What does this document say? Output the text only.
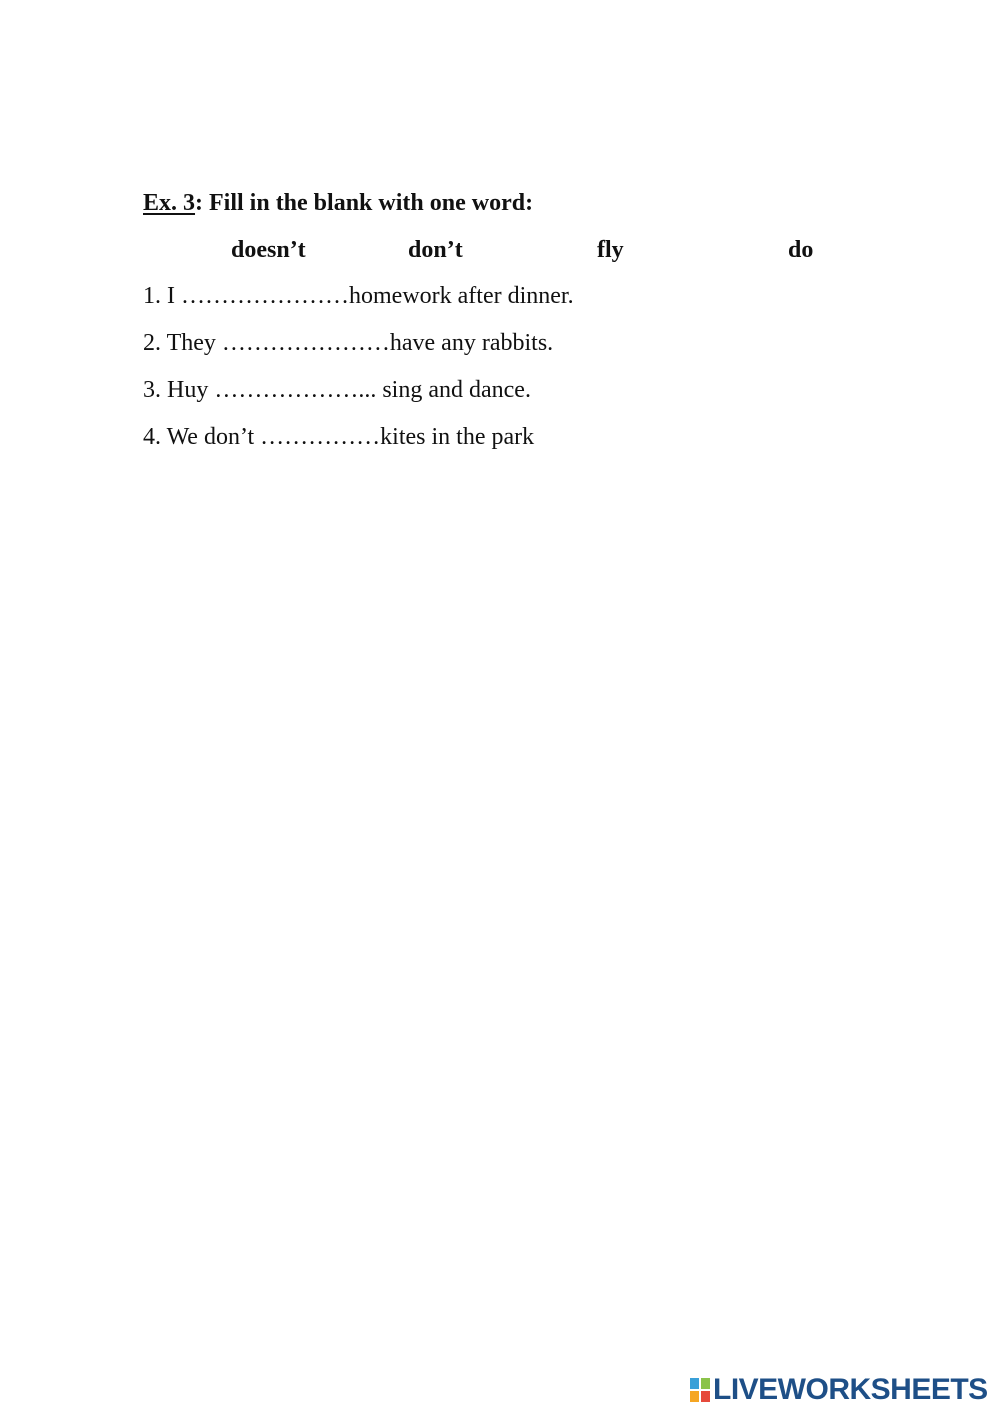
Ex. 3: Fill in the blank with one word:
doesn’t	don’t	fly	do
1. I …………………homework after dinner.
2. They …………………have any rabbits.
3. Huy ………………... sing and dance.
4. We don’t ……………kites in the park
LIVEWORKSHEETS
